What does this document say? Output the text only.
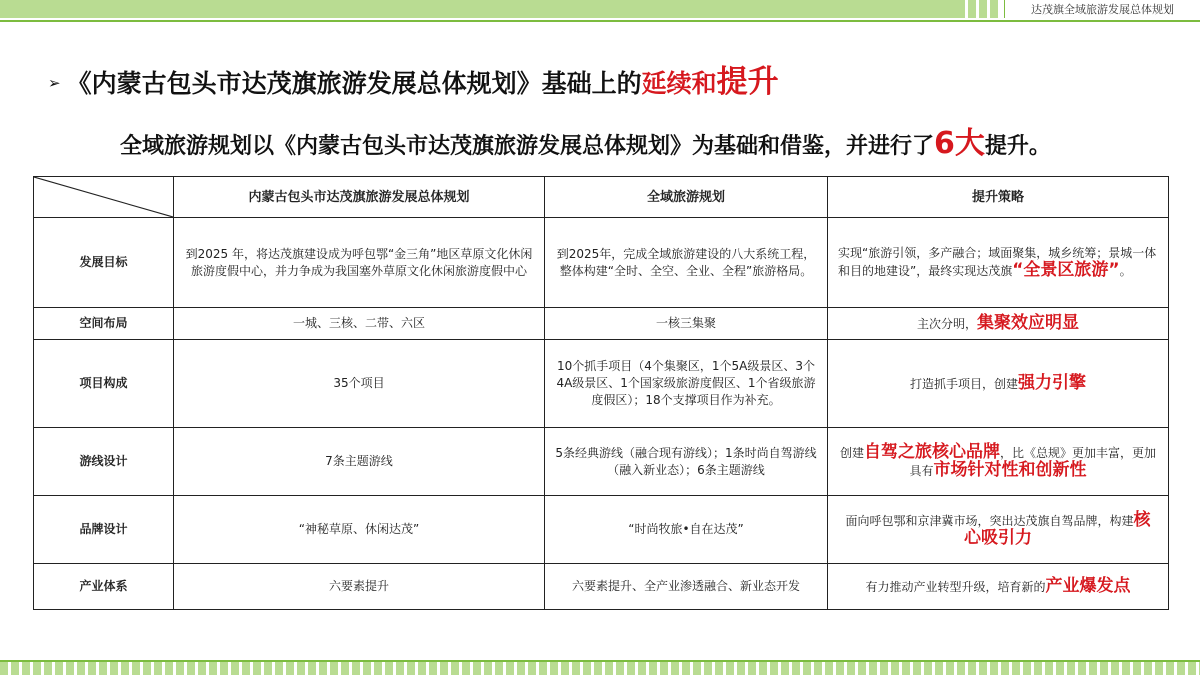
达茂旗全域旅游发展总体规划
➢ 《内蒙古包头市达茂旗旅游发展总体规划》基础上的延续和提升
全域旅游规划以《内蒙古包头市达茂旗旅游发展总体规划》为基础和借鉴，并进行了6大提升。
	内蒙古包头市达茂旗旅游发展总体规划	全域旅游规划	提升策略
发展目标	到2025 年，将达茂旗建设成为呼包鄂“金三角”地区草原文化休闲旅游度假中心，并力争成为我国塞外草原文化休闲旅游度假中心	到2025年，完成全域旅游建设的八大系统工程，整体构建“全时、全空、全业、全程”旅游格局。	实现“旅游引领，多产融合；域面聚集，城乡统筹；景城一体和目的地建设”，最终实现达茂旗“全景区旅游”。
空间布局	一城、三核、二带、六区	一核三集聚	主次分明，集聚效应明显
项目构成	35个项目	10个抓手项目（4个集聚区，1个5A级景区、3个4A级景区、1个国家级旅游度假区、1个省级旅游度假区）；18个支撑项目作为补充。	打造抓手项目，创建强力引擎
游线设计	7条主题游线	5条经典游线（融合现有游线）；1条时尚自驾游线（融入新业态）；6条主题游线	创建自驾之旅核心品牌，比《总规》更加丰富，更加具有市场针对性和创新性
品牌设计	“神秘草原、休闲达茂”	“时尚牧旅•自在达茂”	面向呼包鄂和京津冀市场，突出达茂旗自驾品牌，构建核心吸引力
产业体系	六要素提升	六要素提升、全产业渗透融合、新业态开发	有力推动产业转型升级，培育新的产业爆发点
